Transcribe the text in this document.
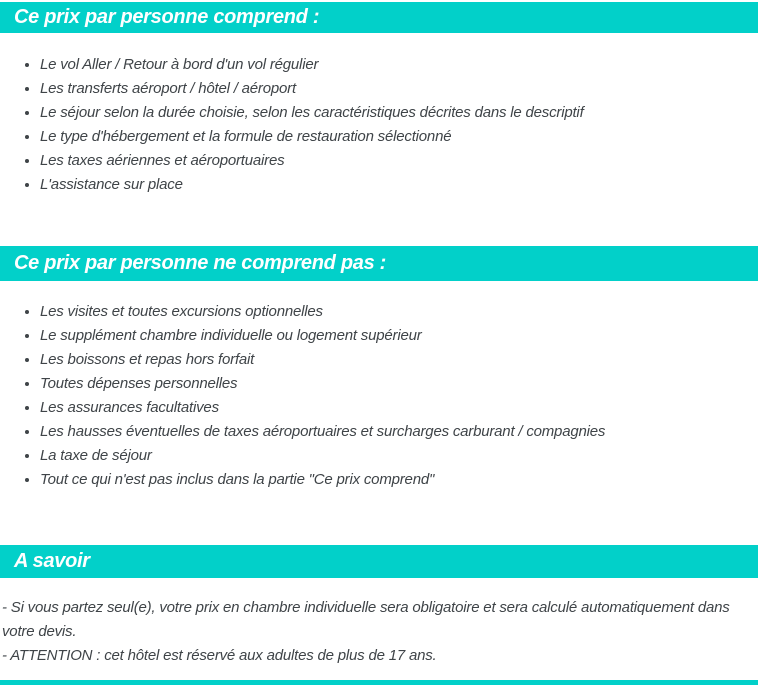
Ce prix par personne comprend :
• Le vol Aller / Retour à bord d'un vol régulier
• Les transferts aéroport / hôtel / aéroport
• Le séjour selon la durée choisie, selon les caractéristiques décrites dans le descriptif
• Le type d'hébergement et la formule de restauration sélectionné
• Les taxes aériennes et aéroportuaires
• L'assistance sur place
Ce prix par personne ne comprend pas :
• Les visites et toutes excursions optionnelles
• Le supplément chambre individuelle ou logement supérieur
• Les boissons et repas hors forfait
• Toutes dépenses personnelles
• Les assurances facultatives
• Les hausses éventuelles de taxes aéroportuaires et surcharges carburant / compagnies
• La taxe de séjour
• Tout ce qui n'est pas inclus dans la partie "Ce prix comprend"
A savoir
- Si vous partez seul(e), votre prix en chambre individuelle sera obligatoire et sera calculé automatiquement dans votre devis.
- ATTENTION : cet hôtel est réservé aux adultes de plus de 17 ans.
